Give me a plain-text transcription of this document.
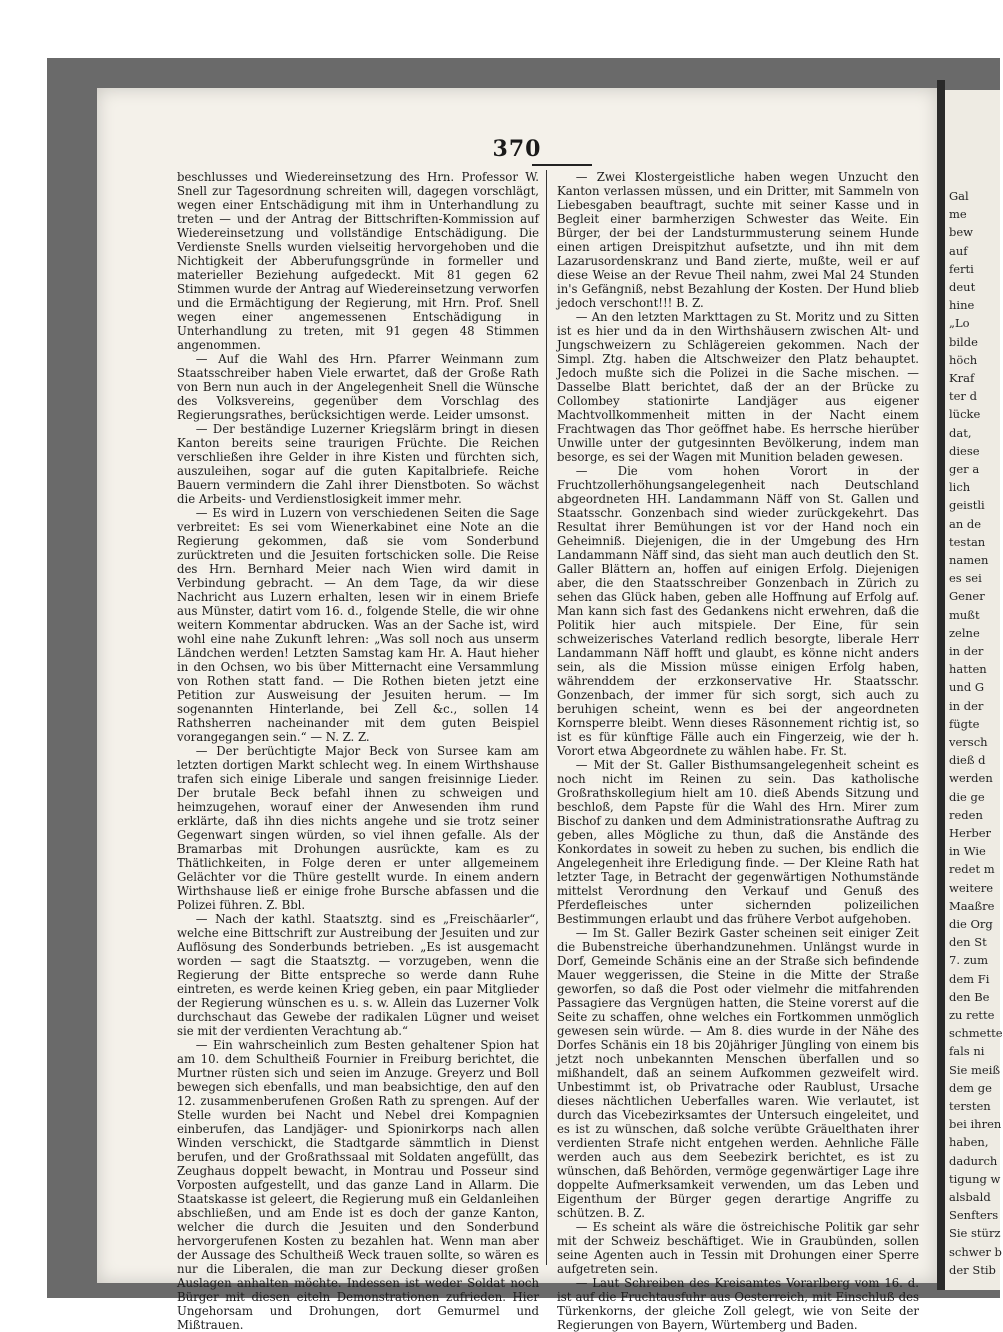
Gal
me
bew
auf
ferti
deut
hine
„Lo
bilde
höch
Kraf
ter d
lücke
dat,
diese
ger a
lich
geistli
an de
testan
namen
es sei
Gener
mußt
zelne
in der
hatten
und G
in der
fügte
versch
dieß d
werden
die ge
reden
Herber
in Wie
redet m
weitere
Maaßre
die Org
den St
7. zum
dem Fi
den Be
zu rette
schmette
fals ni
Sie meiß
dem ge
tersten
bei ihren
haben,
dadurch
tigung w
alsbald
Senfters
Sie stürz
schwer b
der Stib
370

beschlusses und Wiedereinsetzung des Hrn. Professor W. Snell zur Tagesordnung schreiten will, dagegen vorschlägt, wegen einer Entschädigung mit ihm in Unterhandlung zu treten — und der Antrag der Bittschriften-Kommission auf Wiedereinsetzung und vollständige Entschädigung. Die Verdienste Snells wurden vielseitig hervorgehoben und die Nichtigkeit der Abberufungsgründe in formeller und materieller Beziehung aufgedeckt. Mit 81 gegen 62 Stimmen wurde der Antrag auf Wiedereinsetzung verworfen und die Ermächtigung der Regierung, mit Hrn. Prof. Snell wegen einer angemessenen Entschädigung in Unterhandlung zu treten, mit 91 gegen 48 Stimmen angenommen.

— Auf die Wahl des Hrn. Pfarrer Weinmann zum Staatsschreiber haben Viele erwartet, daß der Große Rath von Bern nun auch in der Angelegenheit Snell die Wünsche des Volksvereins, gegenüber dem Vorschlag des Regierungsrathes, berücksichtigen werde. Leider umsonst.

— Der beständige Luzerner Kriegslärm bringt in diesen Kanton bereits seine traurigen Früchte. Die Reichen verschließen ihre Gelder in ihre Kisten und fürchten sich, auszuleihen, sogar auf die guten Kapitalbriefe. Reiche Bauern vermindern die Zahl ihrer Dienstboten. So wächst die Arbeits- und Verdienstlosigkeit immer mehr.

— Es wird in Luzern von verschiedenen Seiten die Sage verbreitet: Es sei vom Wienerkabinet eine Note an die Regierung gekommen, daß sie vom Sonderbund zurücktreten und die Jesuiten fortschicken solle. Die Reise des Hrn. Bernhard Meier nach Wien wird damit in Verbindung gebracht. — An dem Tage, da wir diese Nachricht aus Luzern erhalten, lesen wir in einem Briefe aus Münster, datirt vom 16. d., folgende Stelle, die wir ohne weitern Kommentar abdrucken. Was an der Sache ist, wird wohl eine nahe Zukunft lehren: „Was soll noch aus unserm Ländchen werden! Letzten Samstag kam Hr. A. Haut hieher in den Ochsen, wo bis über Mitternacht eine Versammlung von Rothen statt fand. — Die Rothen bieten jetzt eine Petition zur Ausweisung der Jesuiten herum. — Im sogenannten Hinterlande, bei Zell &c., sollen 14 Rathsherren nacheinander mit dem guten Beispiel vorangegangen sein.“ — N. Z. Z.

— Der berüchtigte Major Beck von Sursee kam am letzten dortigen Markt schlecht weg. In einem Wirthshause trafen sich einige Liberale und sangen freisinnige Lieder. Der brutale Beck befahl ihnen zu schweigen und heimzugehen, worauf einer der Anwesenden ihm rund erklärte, daß ihn dies nichts angehe und sie trotz seiner Gegenwart singen würden, so viel ihnen gefalle. Als der Bramarbas mit Drohungen ausrückte, kam es zu Thätlichkeiten, in Folge deren er unter allgemeinem Gelächter vor die Thüre gestellt wurde. In einem andern Wirthshause ließ er einige frohe Bursche abfassen und die Polizei führen. Z. Bbl.

— Nach der kathl. Staatsztg. sind es „Freischäarler“, welche eine Bittschrift zur Austreibung der Jesuiten und zur Auflösung des Sonderbunds betrieben. „Es ist ausgemacht worden — sagt die Staatsztg. — vorzugeben, wenn die Regierung der Bitte entspreche so werde dann Ruhe eintreten, es werde keinen Krieg geben, ein paar Mitglieder der Regierung wünschen es u. s. w. Allein das Luzerner Volk durchschaut das Gewebe der radikalen Lügner und weiset sie mit der verdienten Verachtung ab.“

— Ein wahrscheinlich zum Besten gehaltener Spion hat am 10. dem Schultheiß Fournier in Freiburg berichtet, die Murtner rüsten sich und seien im Anzuge. Greyerz und Boll bewegen sich ebenfalls, und man beabsichtige, den auf den 12. zusammenberufenen Großen Rath zu sprengen. Auf der Stelle wurden bei Nacht und Nebel drei Kompagnien einberufen, das Landjäger- und Spionirkorps nach allen Winden verschickt, die Stadtgarde sämmtlich in Dienst berufen, und der Großrathssaal mit Soldaten angefüllt, das Zeughaus doppelt bewacht, in Montrau und Posseur sind Vorposten aufgestellt, und das ganze Land in Allarm. Die Staatskasse ist geleert, die Regierung muß ein Geldanleihen abschließen, und am Ende ist es doch der ganze Kanton, welcher die durch die Jesuiten und den Sonderbund hervorgerufenen Kosten zu bezahlen hat. Wenn man aber der Aussage des Schultheiß Weck trauen sollte, so wären es nur die Liberalen, die man zur Deckung dieser großen Auslagen anhalten möchte. Indessen ist weder Soldat noch Bürger mit diesen eiteln Demonstrationen zufrieden. Hier Ungehorsam und Drohungen, dort Gemurmel und Mißtrauen.

— Zwei Klostergeistliche haben wegen Unzucht den Kanton verlassen müssen, und ein Dritter, mit Sammeln von Liebesgaben beauftragt, suchte mit seiner Kasse und in Begleit einer barmherzigen Schwester das Weite. Ein Bürger, der bei der Landsturmmusterung seinem Hunde einen artigen Dreispitzhut aufsetzte, und ihn mit dem Lazarusordenskranz und Band zierte, mußte, weil er auf diese Weise an der Revue Theil nahm, zwei Mal 24 Stunden in's Gefängniß, nebst Bezahlung der Kosten. Der Hund blieb jedoch verschont!!! B. Z.

— An den letzten Markttagen zu St. Moritz und zu Sitten ist es hier und da in den Wirthshäusern zwischen Alt- und Jungschweizern zu Schlägereien gekommen. Nach der Simpl. Ztg. haben die Altschweizer den Platz behauptet. Jedoch mußte sich die Polizei in die Sache mischen. — Dasselbe Blatt berichtet, daß der an der Brücke zu Collombey stationirte Landjäger aus eigener Machtvollkommenheit mitten in der Nacht einem Frachtwagen das Thor geöffnet habe. Es herrsche hierüber Unwille unter der gutgesinnten Bevölkerung, indem man besorge, es sei der Wagen mit Munition beladen gewesen.

— Die vom hohen Vorort in der Fruchtzollerhöhungsangelegenheit nach Deutschland abgeordneten HH. Landammann Näff von St. Gallen und Staatsschr. Gonzenbach sind wieder zurückgekehrt. Das Resultat ihrer Bemühungen ist vor der Hand noch ein Geheimniß. Diejenigen, die in der Umgebung des Hrn Landammann Näff sind, das sieht man auch deutlich den St. Galler Blättern an, hoffen auf einigen Erfolg. Diejenigen aber, die den Staatsschreiber Gonzenbach in Zürich zu sehen das Glück haben, geben alle Hoffnung auf Erfolg auf. Man kann sich fast des Gedankens nicht erwehren, daß die Politik hier auch mitspiele. Der Eine, für sein schweizerisches Vaterland redlich besorgte, liberale Herr Landammann Näff hofft und glaubt, es könne nicht anders sein, als die Mission müsse einigen Erfolg haben, währenddem der erzkonservative Hr. Staatsschr. Gonzenbach, der immer für sich sorgt, sich auch zu beruhigen scheint, wenn es bei der angeordneten Kornsperre bleibt. Wenn dieses Räsonnement richtig ist, so ist es für künftige Fälle auch ein Fingerzeig, wie der h. Vorort etwa Abgeordnete zu wählen habe. Fr. St.

— Mit der St. Galler Bisthumsangelegenheit scheint es noch nicht im Reinen zu sein. Das katholische Großrathskollegium hielt am 10. dieß Abends Sitzung und beschloß, dem Papste für die Wahl des Hrn. Mirer zum Bischof zu danken und dem Administrationsrathe Auftrag zu geben, alles Mögliche zu thun, daß die Anstände des Konkordates in soweit zu heben zu suchen, bis endlich die Angelegenheit ihre Erledigung finde. — Der Kleine Rath hat letzter Tage, in Betracht der gegenwärtigen Nothumstände mittelst Verordnung den Verkauf und Genuß des Pferdefleisches unter sichernden polizeilichen Bestimmungen erlaubt und das frühere Verbot aufgehoben.

— Im St. Galler Bezirk Gaster scheinen seit einiger Zeit die Bubenstreiche überhandzunehmen. Unlängst wurde in Dorf, Gemeinde Schänis eine an der Straße sich befindende Mauer weggerissen, die Steine in die Mitte der Straße geworfen, so daß die Post oder vielmehr die mitfahrenden Passagiere das Vergnügen hatten, die Steine vorerst auf die Seite zu schaffen, ohne welches ein Fortkommen unmöglich gewesen sein würde. — Am 8. dies wurde in der Nähe des Dorfes Schänis ein 18 bis 20jähriger Jüngling von einem bis jetzt noch unbekannten Menschen überfallen und so mißhandelt, daß an seinem Aufkommen gezweifelt wird. Unbestimmt ist, ob Privatrache oder Raublust, Ursache dieses nächtlichen Ueberfalles waren. Wie verlautet, ist durch das Vicebezirksamtes der Untersuch eingeleitet, und es ist zu wünschen, daß solche verübte Gräuelthaten ihrer verdienten Strafe nicht entgehen werden. Aehnliche Fälle werden auch aus dem Seebezirk berichtet, es ist zu wünschen, daß Behörden, vermöge gegenwärtiger Lage ihre doppelte Aufmerksamkeit verwenden, um das Leben und Eigenthum der Bürger gegen derartige Angriffe zu schützen. B. Z.

— Es scheint als wäre die östreichische Politik gar sehr mit der Schweiz beschäftiget. Wie in Graubünden, sollen seine Agenten auch in Tessin mit Drohungen einer Sperre aufgetreten sein.

— Laut Schreiben des Kreisamtes Vorarlberg vom 16. d. ist auf die Fruchtausfuhr aus Oesterreich, mit Einschluß des Türkenkorns, der gleiche Zoll gelegt, wie von Seite der Regierungen von Bayern, Würtemberg und Baden.
